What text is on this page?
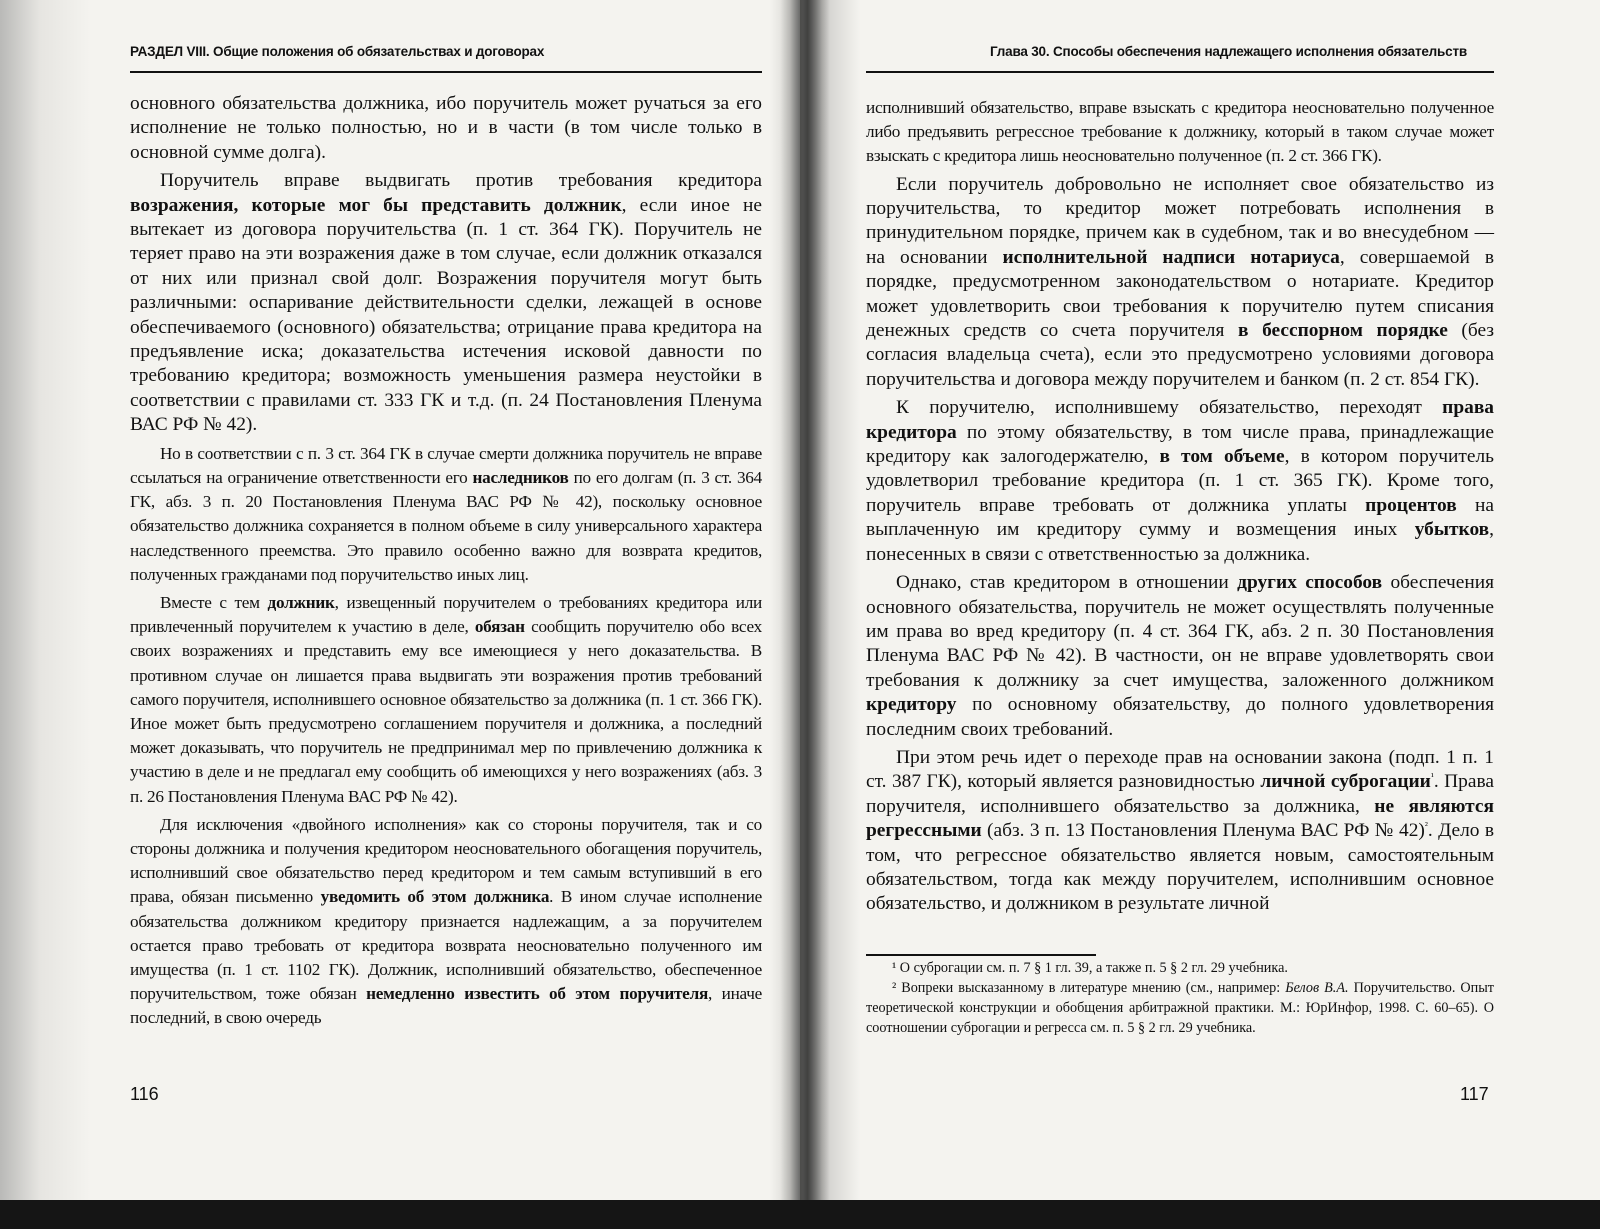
РАЗДЕЛ VIII. Общие положения об обязательствах и договорах

основного обязательства должника, ибо поручитель может ручаться за его исполнение не только полностью, но и в части (в том числе только в основной сумме долга).

Поручитель вправе выдвигать против требования кредитора возражения, которые мог бы представить должник, если иное не вытекает из договора поручительства (п. 1 ст. 364 ГК). Поручитель не теряет право на эти возражения даже в том случае, если должник отказался от них или признал свой долг. Возражения поручителя могут быть различными: оспаривание действительности сделки, лежащей в основе обеспечиваемого (основного) обязательства; отрицание права кредитора на предъявление иска; доказательства истечения исковой давности по требованию кредитора; возможность уменьшения размера неустойки в соответствии с правилами ст. 333 ГК и т.д. (п. 24 Постановления Пленума ВАС РФ № 42).

Но в соответствии с п. 3 ст. 364 ГК в случае смерти должника поручитель не вправе ссылаться на ограничение ответственности его наследников по его долгам (п. 3 ст. 364 ГК, абз. 3 п. 20 Постановления Пленума ВАС РФ № 42), поскольку основное обязательство должника сохраняется в полном объеме в силу универсального характера наследственного преемства. Это правило особенно важно для возврата кредитов, полученных гражданами под поручительство иных лиц.

Вместе с тем должник, извещенный поручителем о требованиях кредитора или привлеченный поручителем к участию в деле, обязан сообщить поручителю обо всех своих возражениях и представить ему все имеющиеся у него доказательства. В противном случае он лишается права выдвигать эти возражения против требований самого поручителя, исполнившего основное обязательство за должника (п. 1 ст. 366 ГК). Иное может быть предусмотрено соглашением поручителя и должника, а последний может доказывать, что поручитель не предпринимал мер по привлечению должника к участию в деле и не предлагал ему сообщить об имеющихся у него возражениях (абз. 3 п. 26 Постановления Пленума ВАС РФ № 42).

Для исключения «двойного исполнения» как со стороны поручителя, так и со стороны должника и получения кредитором неосновательного обогащения поручитель, исполнивший свое обязательство перед кредитором и тем самым вступивший в его права, обязан письменно уведомить об этом должника. В ином случае исполнение обязательства должником кредитору признается надлежащим, а за поручителем остается право требовать от кредитора возврата неосновательно полученного им имущества (п. 1 ст. 1102 ГК). Должник, исполнивший обязательство, обеспеченное поручительством, тоже обязан немедленно известить об этом поручителя, иначе последний, в свою очередь

116
Глава 30. Способы обеспечения надлежащего исполнения обязательств

исполнивший обязательство, вправе взыскать с кредитора неосновательно полученное либо предъявить регрессное требование к должнику, который в таком случае может взыскать с кредитора лишь неосновательно полученное (п. 2 ст. 366 ГК).

Если поручитель добровольно не исполняет свое обязательство из поручительства, то кредитор может потребовать исполнения в принудительном порядке, причем как в судебном, так и во внесудебном — на основании исполнительной надписи нотариуса, совершаемой в порядке, предусмотренном законодательством о нотариате. Кредитор может удовлетворить свои требования к поручителю путем списания денежных средств со счета поручителя в бесспорном порядке (без согласия владельца счета), если это предусмотрено условиями договора поручительства и договора между поручителем и банком (п. 2 ст. 854 ГК).

К поручителю, исполнившему обязательство, переходят права кредитора по этому обязательству, в том числе права, принадлежащие кредитору как залогодержателю, в том объеме, в котором поручитель удовлетворил требование кредитора (п. 1 ст. 365 ГК). Кроме того, поручитель вправе требовать от должника уплаты процентов на выплаченную им кредитору сумму и возмещения иных убытков, понесенных в связи с ответственностью за должника.

Однако, став кредитором в отношении других способов обеспечения основного обязательства, поручитель не может осуществлять полученные им права во вред кредитору (п. 4 ст. 364 ГК, абз. 2 п. 30 Постановления Пленума ВАС РФ № 42). В частности, он не вправе удовлетворять свои требования к должнику за счет имущества, заложенного должником кредитору по основному обязательству, до полного удовлетворения последним своих требований.

При этом речь идет о переходе прав на основании закона (подп. 1 п. 1 ст. 387 ГК), который является разновидностью личной суброгации$^{^1}$. Права поручителя, исполнившего обязательство за должника, не являются регрессными (абз. 3 п. 13 Постановления Пленума ВАС РФ № 42)$^{^2}$. Дело в том, что регрессное обязательство является новым, самостоятельным обязательством, тогда как между поручителем, исполнившим основное обязательство, и должником в результате личной

¹ О суброгации см. п. 7 § 1 гл. 39, а также п. 5 § 2 гл. 29 учебника.

² Вопреки высказанному в литературе мнению (см., например: Белов В.А. Поручительство. Опыт теоретической конструкции и обобщения арбитражной практики. М.: ЮрИнфор, 1998. С. 60–65). О соотношении суброгации и регресса см. п. 5 § 2 гл. 29 учебника.

117
